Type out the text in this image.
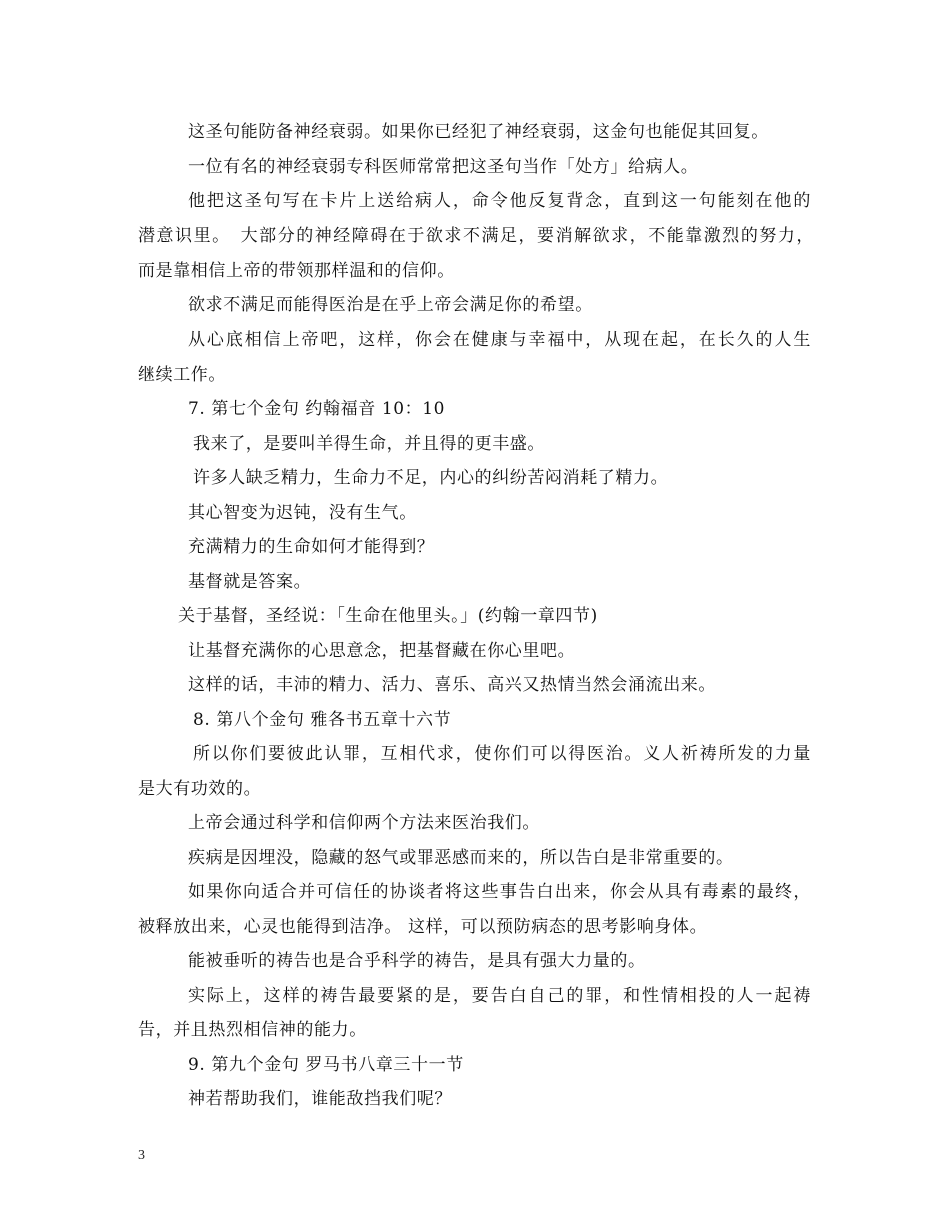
这圣句能防备神经衰弱。如果你已经犯了神经衰弱，这金句也能促其回复。
一位有名的神经衰弱专科医师常常把这圣句当作「处方」给病人。
他把这圣句写在卡片上送给病人，命令他反复背念，直到这一句能刻在他的
潜意识里。　大部分的神经障碍在于欲求不满足，要消解欲求，不能靠激烈的努力，
而是靠相信上帝的带领那样温和的信仰。
欲求不满足而能得医治是在乎上帝会满足你的希望。
从心底相信上帝吧，这样，你会在健康与幸福中，从现在起，在长久的人生
继续工作。
7. 第七个金句 约翰福音 10：10
我来了，是要叫羊得生命，并且得的更丰盛。
许多人缺乏精力，生命力不足，内心的纠纷苦闷消耗了精力。
其心智变为迟钝，没有生气。
充满精力的生命如何才能得到？
基督就是答案。
关于基督，圣经说：「生命在他里头。」(约翰一章四节)
让基督充满你的心思意念，把基督藏在你心里吧。
这样的话，丰沛的精力、活力、喜乐、高兴又热情当然会涌流出来。
8. 第八个金句 雅各书五章十六节
所以你们要彼此认罪，互相代求，使你们可以得医治。义人祈祷所发的力量
是大有功效的。
上帝会通过科学和信仰两个方法来医治我们。
疾病是因埋没，隐藏的怒气或罪恶感而来的，所以告白是非常重要的。
如果你向适合并可信任的协谈者将这些事告白出来，你会从具有毒素的最终，
被释放出来，心灵也能得到洁净。 这样，可以预防病态的思考影响身体。
能被垂听的祷告也是合乎科学的祷告，是具有强大力量的。
实际上，这样的祷告最要紧的是，要告白自己的罪，和性情相投的人一起祷
告，并且热烈相信神的能力。
9. 第九个金句 罗马书八章三十一节
神若帮助我们，谁能敌挡我们呢？
3
